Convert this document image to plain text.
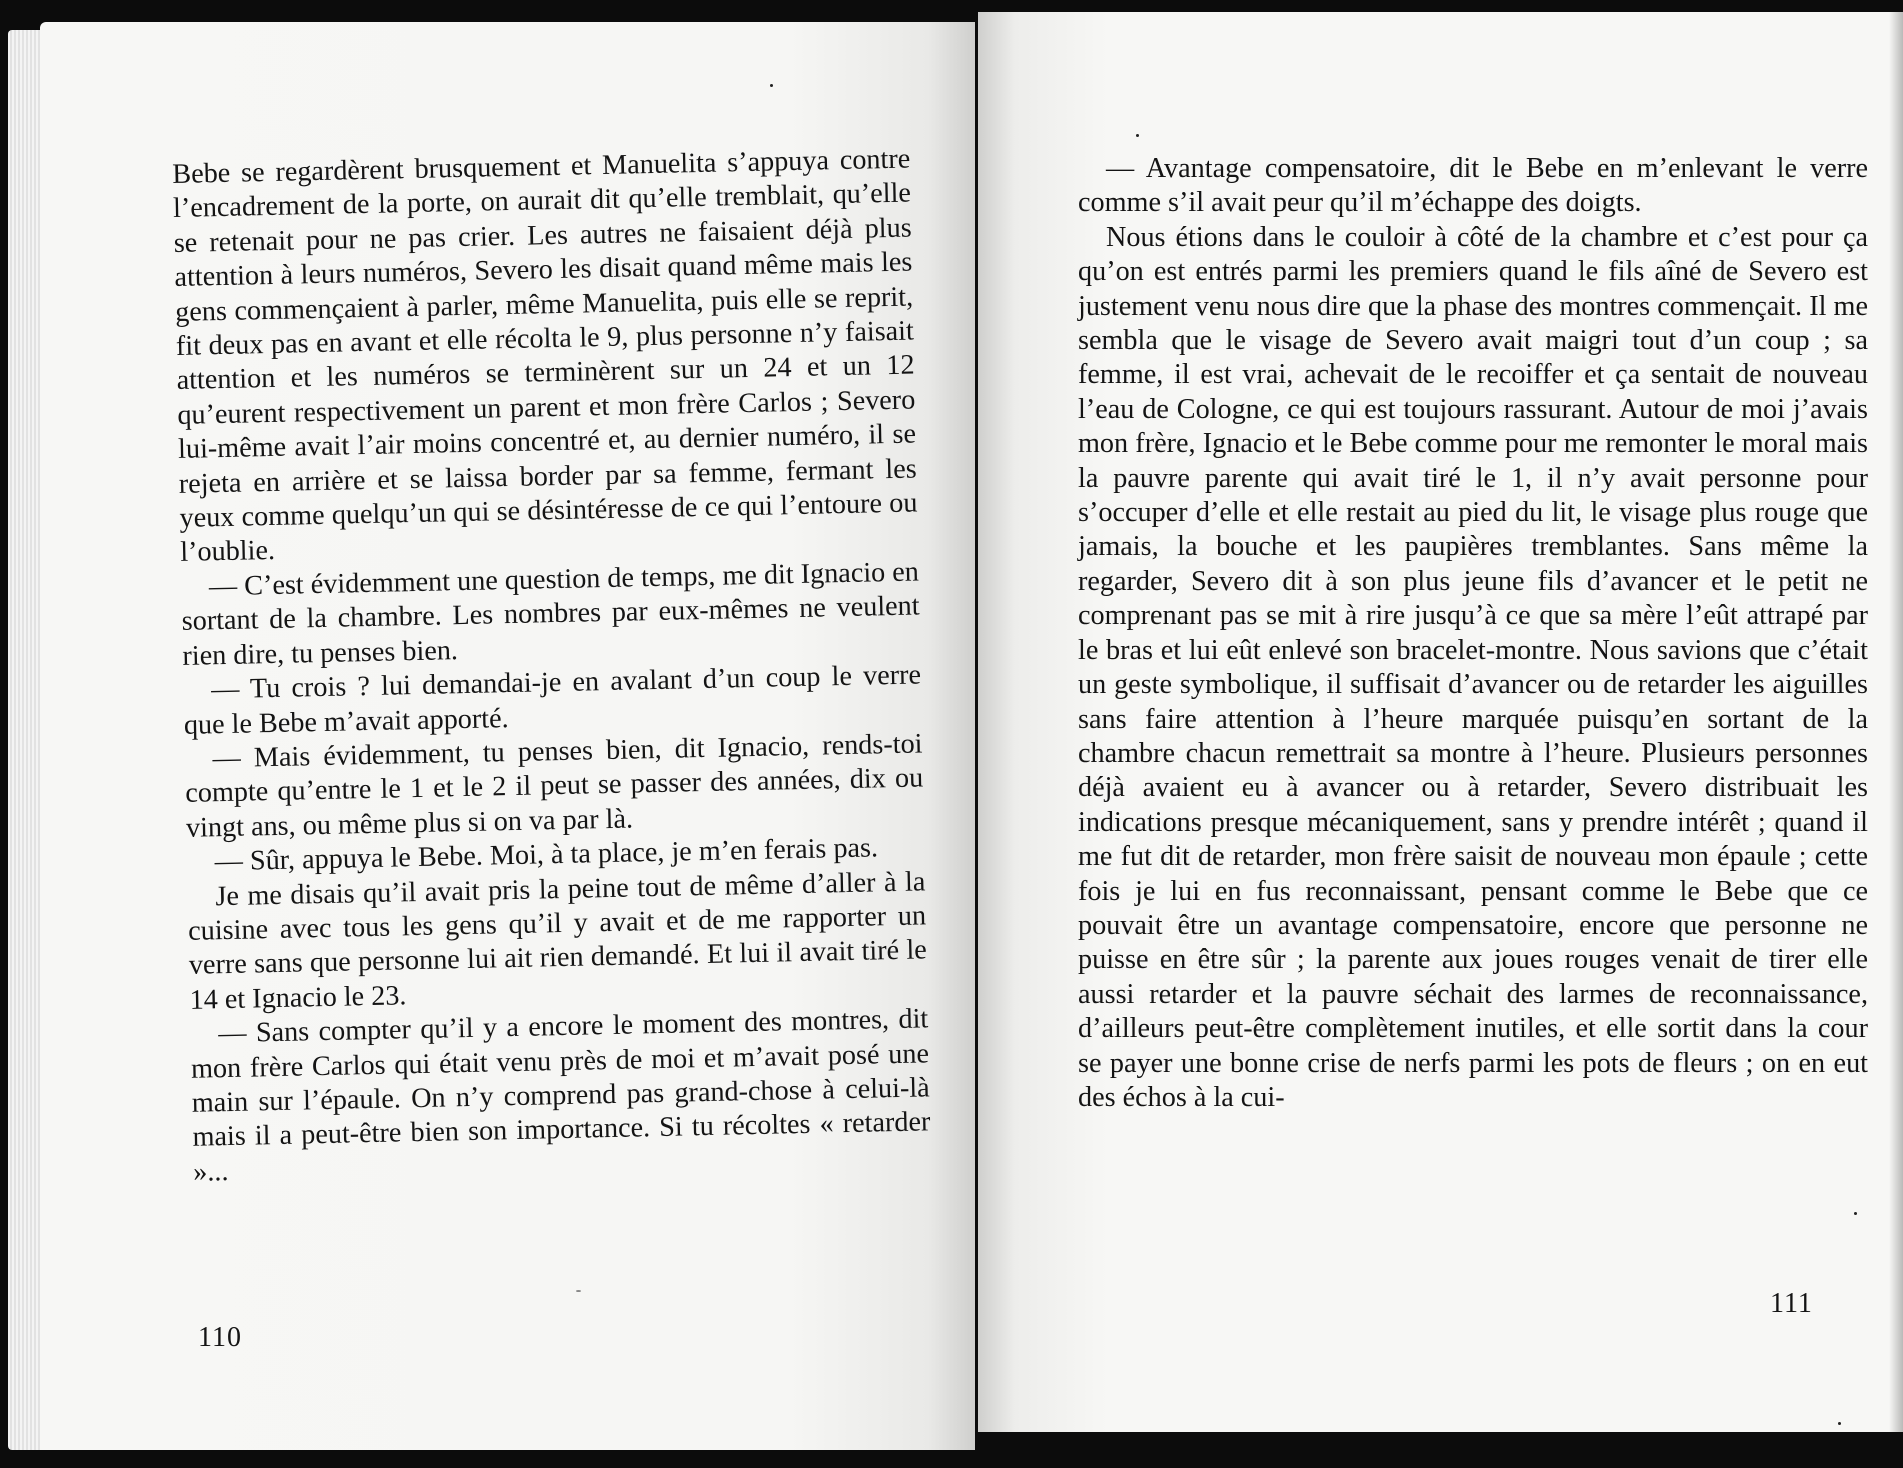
Bebe se regardèrent brusquement et Manuelita s’appuya contre l’encadrement de la porte, on aurait dit qu’elle tremblait, qu’elle se retenait pour ne pas crier. Les autres ne faisaient déjà plus attention à leurs numéros, Severo les disait quand même mais les gens commençaient à parler, même Manuelita, puis elle se reprit, fit deux pas en avant et elle récolta le 9, plus personne n’y faisait attention et les numéros se terminèrent sur un 24 et un 12 qu’eurent respectivement un parent et mon frère Carlos ; Severo lui-même avait l’air moins concentré et, au dernier numéro, il se rejeta en arrière et se laissa border par sa femme, fermant les yeux comme quelqu’un qui se désintéresse de ce qui l’entoure ou l’oublie.

— C’est évidemment une question de temps, me dit Ignacio en sortant de la chambre. Les nombres par eux-mêmes ne veulent rien dire, tu penses bien.

— Tu crois ? lui demandai-je en avalant d’un coup le verre que le Bebe m’avait apporté.

— Mais évidemment, tu penses bien, dit Ignacio, rends-toi compte qu’entre le 1 et le 2 il peut se passer des années, dix ou vingt ans, ou même plus si on va par là.

— Sûr, appuya le Bebe. Moi, à ta place, je m’en ferais pas.

Je me disais qu’il avait pris la peine tout de même d’aller à la cuisine avec tous les gens qu’il y avait et de me rapporter un verre sans que personne lui ait rien demandé. Et lui il avait tiré le 14 et Ignacio le 23.

— Sans compter qu’il y a encore le moment des montres, dit mon frère Carlos qui était venu près de moi et m’avait posé une main sur l’épaule. On n’y comprend pas grand-chose à celui-là mais il a peut-être bien son importance. Si tu récoltes « retarder »...

110

— Avantage compensatoire, dit le Bebe en m’enlevant le verre comme s’il avait peur qu’il m’échappe des doigts.

Nous étions dans le couloir à côté de la chambre et c’est pour ça qu’on est entrés parmi les premiers quand le fils aîné de Severo est justement venu nous dire que la phase des montres commençait. Il me sembla que le visage de Severo avait maigri tout d’un coup ; sa femme, il est vrai, achevait de le recoiffer et ça sentait de nouveau l’eau de Cologne, ce qui est toujours rassurant. Autour de moi j’avais mon frère, Ignacio et le Bebe comme pour me remonter le moral mais la pauvre parente qui avait tiré le 1, il n’y avait personne pour s’occuper d’elle et elle restait au pied du lit, le visage plus rouge que jamais, la bouche et les paupières tremblantes. Sans même la regarder, Severo dit à son plus jeune fils d’avancer et le petit ne comprenant pas se mit à rire jusqu’à ce que sa mère l’eût attrapé par le bras et lui eût enlevé son bracelet-montre. Nous savions que c’était un geste symbolique, il suffisait d’avancer ou de retarder les aiguilles sans faire attention à l’heure marquée puisqu’en sortant de la chambre chacun remettrait sa montre à l’heure. Plusieurs personnes déjà avaient eu à avancer ou à retarder, Severo distribuait les indications presque mécaniquement, sans y prendre intérêt ; quand il me fut dit de retarder, mon frère saisit de nouveau mon épaule ; cette fois je lui en fus reconnaissant, pensant comme le Bebe que ce pouvait être un avantage compensatoire, encore que personne ne puisse en être sûr ; la parente aux joues rouges venait de tirer elle aussi retarder et la pauvre séchait des larmes de reconnaissance, d’ailleurs peut-être complètement inutiles, et elle sortit dans la cour se payer une bonne crise de nerfs parmi les pots de fleurs ; on en eut des échos à la cui-

111
